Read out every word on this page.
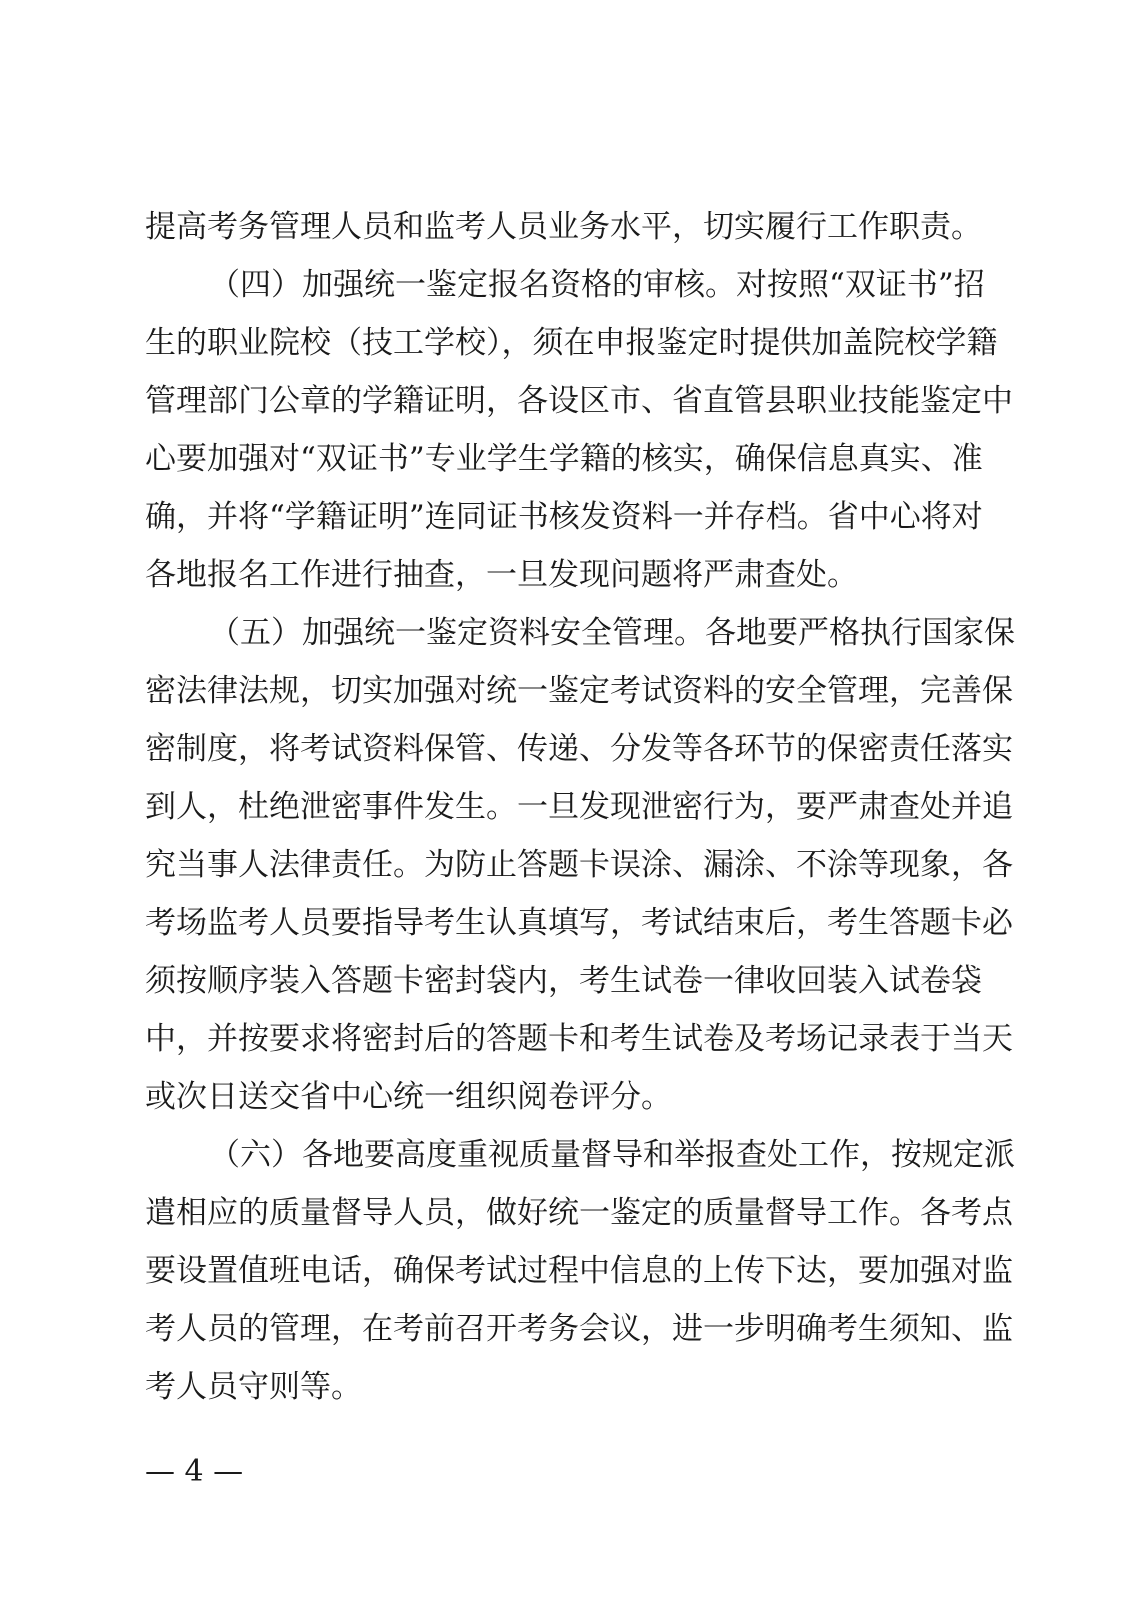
提高考务管理人员和监考人员业务水平，切实履行工作职责。
（四）加强统一鉴定报名资格的审核。对按照“双证书”招
生的职业院校（技工学校），须在申报鉴定时提供加盖院校学籍
管理部门公章的学籍证明，各设区市、省直管县职业技能鉴定中
心要加强对“双证书”专业学生学籍的核实，确保信息真实、准
确，并将“学籍证明”连同证书核发资料一并存档。省中心将对
各地报名工作进行抽查，一旦发现问题将严肃查处。
（五）加强统一鉴定资料安全管理。各地要严格执行国家保
密法律法规，切实加强对统一鉴定考试资料的安全管理，完善保
密制度，将考试资料保管、传递、分发等各环节的保密责任落实
到人，杜绝泄密事件发生。一旦发现泄密行为，要严肃查处并追
究当事人法律责任。为防止答题卡误涂、漏涂、不涂等现象，各
考场监考人员要指导考生认真填写，考试结束后，考生答题卡必
须按顺序装入答题卡密封袋内，考生试卷一律收回装入试卷袋
中，并按要求将密封后的答题卡和考生试卷及考场记录表于当天
或次日送交省中心统一组织阅卷评分。
（六）各地要高度重视质量督导和举报查处工作，按规定派
遣相应的质量督导人员，做好统一鉴定的质量督导工作。各考点
要设置值班电话，确保考试过程中信息的上传下达，要加强对监
考人员的管理，在考前召开考务会议，进一步明确考生须知、监
考人员守则等。
— 4 —
